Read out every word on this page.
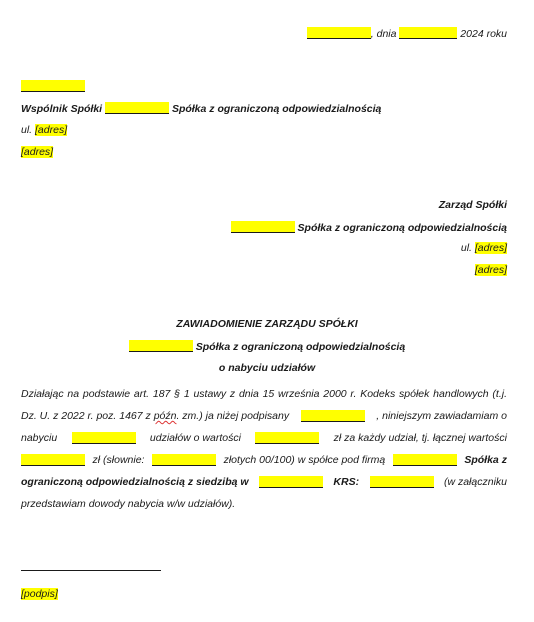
, dnia	2024 roku
Wspólnik Spółki	Spółka z ograniczoną odpowiedzialnością
ul. [adres]
[adres]
Zarząd Spółki
Spółka z ograniczoną odpowiedzialnością
ul. [adres]
[adres]
ZAWIADOMIENIE ZARZĄDU SPÓŁKI
Spółka z ograniczoną odpowiedzialnością
o nabyciu udziałów
Działając na podstawie art. 187 § 1 ustawy z dnia 15 września 2000 r. Kodeks spółek handlowych (t.j.
Dz. U. z 2022 r. poz. 1467 z późn. zm.) ja niżej podpisany	, niniejszym zawiadamiam o
nabyciu	udziałów o wartości	zł za każdy udział, tj. łącznej wartości
zł (słownie:	złotych 00/100) w spółce pod firmą	Spółka z
ograniczoną odpowiedzialnością z siedzibą w	KRS:	(w załączniku
przedstawiam dowody nabycia w/w udziałów).
[podpis]
